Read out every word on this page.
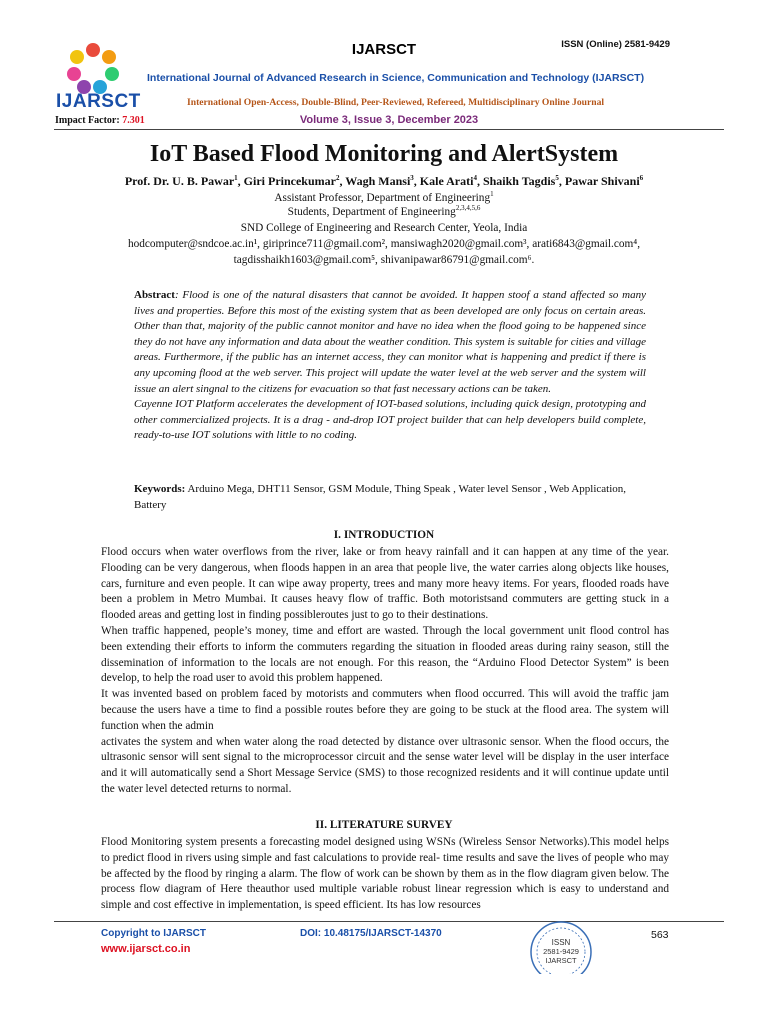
IJARSCT
IJARSCT	ISSN (Online) 2581-9429
International Journal of Advanced Research in Science, Communication and Technology (IJARSCT)
International Open-Access, Double-Blind, Peer-Reviewed, Refereed, Multidisciplinary Online Journal
Impact Factor: 7.301	Volume 3, Issue 3, December 2023
IoT Based Flood Monitoring and AlertSystem
Prof. Dr. U. B. Pawar$^1$, Giri Princekumar$^2$, Wagh Mansi$^3$, Kale Arati$^4$, Shaikh Tagdis$^5$, Pawar Shivani$^6$
Assistant Professor, Department of Engineering$^1$
Students, Department of Engineering$^{2,3,4,5,6}$
SND College of Engineering and Research Center, Yeola, India
hodcomputer@sndcoe.ac.in¹, giriprince711@gmail.com², mansiwagh2020@gmail.com³, arati6843@gmail.com⁴,
tagdisshaikh1603@gmail.com⁵, shivanipawar86791@gmail.com⁶.

Abstract: Flood is one of the natural disasters that cannot be avoided. It happen stoof a stand affected so many lives and properties. Before this most of the existing system that as been developed are only focus on certain areas. Other than that, majority of the public cannot monitor and have no idea when the flood going to be happened since they do not have any information and data about the weather condition. This system is suitable for cities and village areas. Furthermore, if the public has an internet access, they can monitor what is happening and predict if there is any upcoming flood at the web server. This project will update the water level at the web server and the system will issue an alert singnal to the citizens for evacuation so that fast necessary actions can be taken.

Cayenne IOT Platform accelerates the development of IOT-based solutions, including quick design, prototyping and other commercialized projects. It is a drag - and-drop IOT project builder that can help developers build complete, ready-to-use IOT solutions with little to no coding.

Keywords: Arduino Mega, DHT11 Sensor, GSM Module, Thing Speak , Water level Sensor , Web Application, Battery
I. INTRODUCTION

Flood occurs when water overflows from the river, lake or from heavy rainfall and it can happen at any time of the year. Flooding can be very dangerous, when floods happen in an area that people live, the water carries along objects like houses, cars, furniture and even people. It can wipe away property, trees and many more heavy items. For years, flooded roads have been a problem in Metro Mumbai. It causes heavy flow of traffic. Both motoristsand commuters are getting stuck in a flooded areas and getting lost in finding possibleroutes just to go to their destinations.

When traffic happened, people’s money, time and effort are wasted. Through the local government unit flood control has been extending their efforts to inform the commuters regarding the situation in flooded areas during rainy season, still the dissemination of information to the locals are not enough. For this reason, the “Arduino Flood Detector System” is been develop, to help the road user to avoid this problem happened.

It was invented based on problem faced by motorists and commuters when flood occurred. This will avoid the traffic jam because the users have a time to find a possible routes before they are going to be stuck at the flood area. The system will function when the admin

activates the system and when water along the road detected by distance over ultrasonic sensor. When the flood occurs, the ultrasonic sensor will sent signal to the microprocessor circuit and the sense water level will be display in the user interface and it will automatically send a Short Message Service (SMS) to those recognized residents and it will continue update until the water level detected returns to normal.

II. LITERATURE SURVEY

Flood Monitoring system presents a forecasting model designed using WSNs (Wireless Sensor Networks).This model helps to predict flood in rivers using simple and fast calculations to provide real- time results and save the lives of people who may be affected by the flood by ringing a alarm. The flow of work can be shown by them as in the flow diagram given below. The process flow diagram of Here theauthor used multiple variable robust linear regression which is easy to understand and simple and cost effective in implementation, is speed efficient. Its has low resources

Copyright to IJARSCT
www.ijarsct.co.in
DOI: 10.48175/IJARSCT-14370
ISSN
2581-9429
IJARSCT
563
